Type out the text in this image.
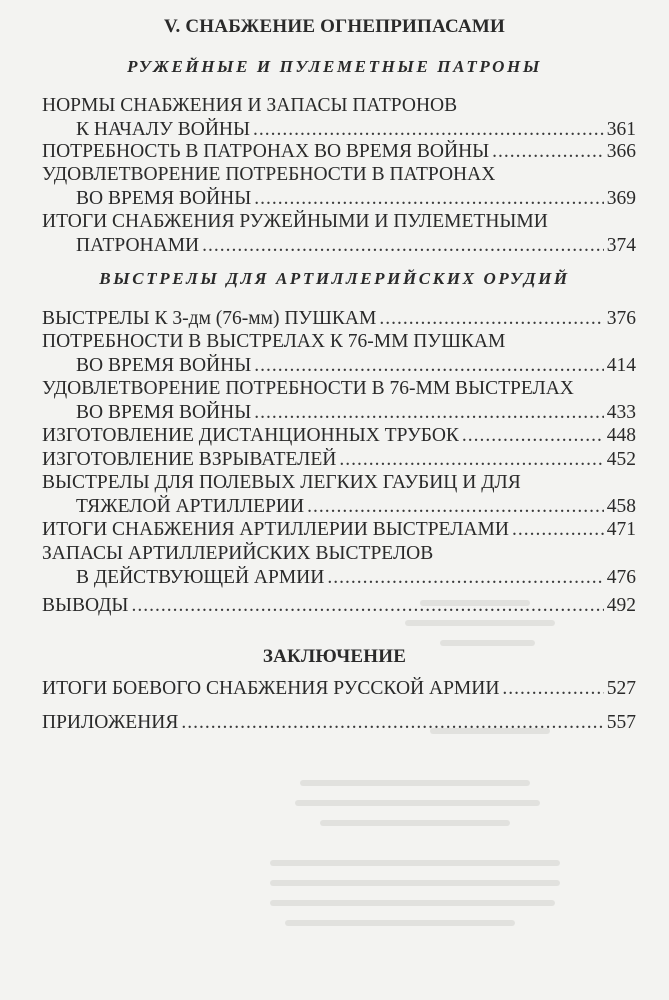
V. СНАБЖЕНИЕ ОГНЕПРИПАСАМИ
РУЖЕЙНЫЕ И ПУЛЕМЕТНЫЕ ПАТРОНЫ
НОРМЫ СНАБЖЕНИЯ И ЗАПАСЫ ПАТРОНОВ
К НАЧАЛУ ВОЙНЫ .....	361
ПОТРЕБНОСТЬ В ПАТРОНАХ ВО ВРЕМЯ ВОЙНЫ .....	366
УДОВЛЕТВОРЕНИЕ ПОТРЕБНОСТИ В ПАТРОНАХ
ВО ВРЕМЯ ВОЙНЫ .....	369
ИТОГИ СНАБЖЕНИЯ РУЖЕЙНЫМИ И ПУЛЕМЕТНЫМИ
ПАТРОНАМИ .....	374
ВЫСТРЕЛЫ ДЛЯ АРТИЛЛЕРИЙСКИХ ОРУДИЙ
ВЫСТРЕЛЫ К 3-дм (76-мм) ПУШКАМ .....	376
ПОТРЕБНОСТИ В ВЫСТРЕЛАХ К 76-ММ ПУШКАМ
ВО ВРЕМЯ ВОЙНЫ .....	414
УДОВЛЕТВОРЕНИЕ ПОТРЕБНОСТИ В 76-ММ ВЫСТРЕЛАХ
ВО ВРЕМЯ ВОЙНЫ .....	433
ИЗГОТОВЛЕНИЕ ДИСТАНЦИОННЫХ ТРУБОК .....	448
ИЗГОТОВЛЕНИЕ ВЗРЫВАТЕЛЕЙ .....	452
ВЫСТРЕЛЫ ДЛЯ ПОЛЕВЫХ ЛЕГКИХ ГАУБИЦ И ДЛЯ
ТЯЖЕЛОЙ АРТИЛЛЕРИИ .....	458
ИТОГИ СНАБЖЕНИЯ АРТИЛЛЕРИИ ВЫСТРЕЛАМИ .....	471
ЗАПАСЫ АРТИЛЛЕРИЙСКИХ ВЫСТРЕЛОВ
В ДЕЙСТВУЮЩЕЙ АРМИИ .....	476
ВЫВОДЫ .....	492
ЗАКЛЮЧЕНИЕ
ИТОГИ БОЕВОГО СНАБЖЕНИЯ РУССКОЙ АРМИИ .....	527
ПРИЛОЖЕНИЯ .....	557
